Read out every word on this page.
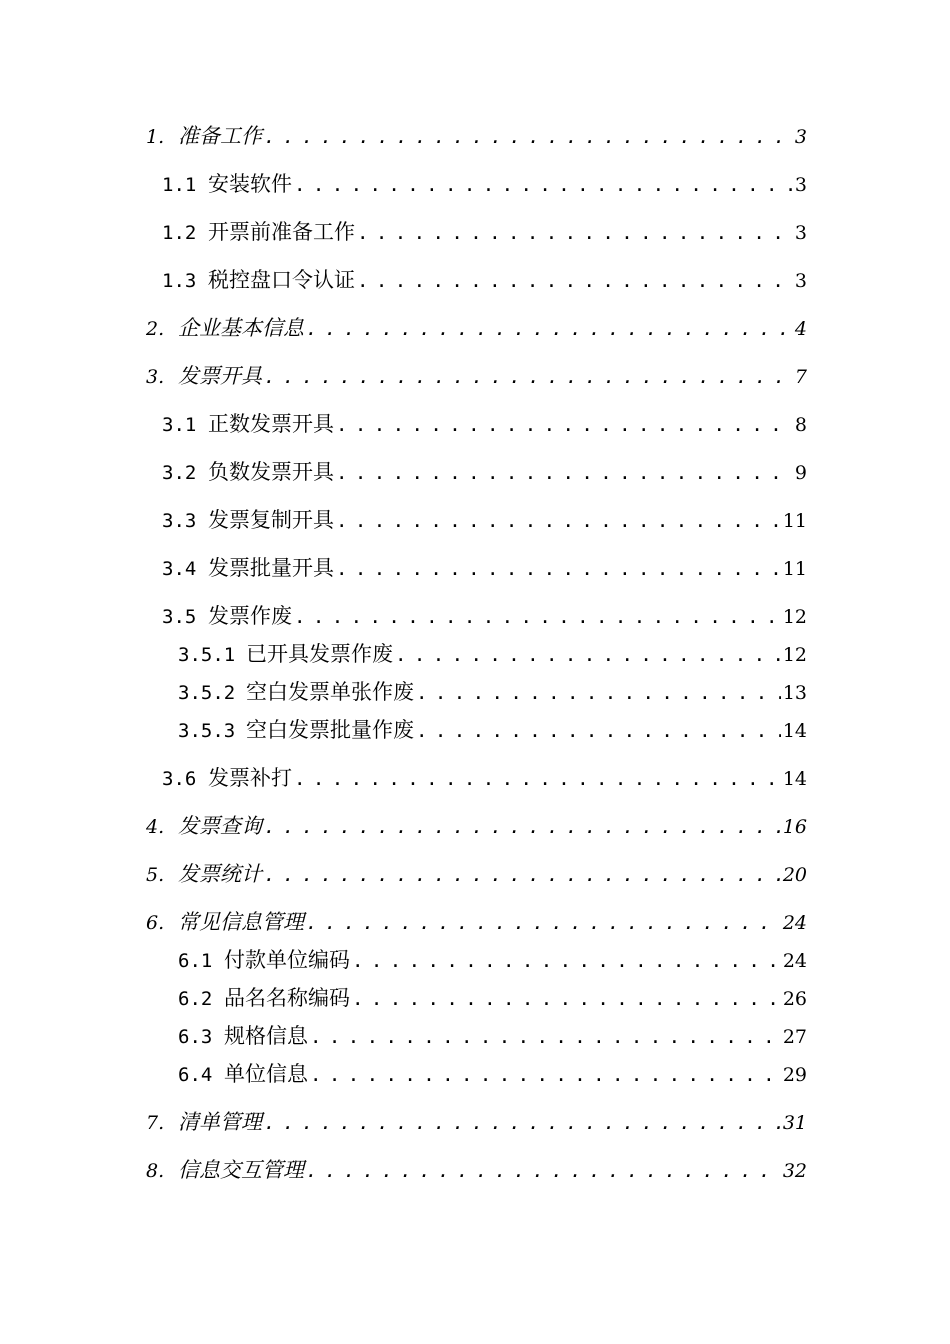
1. 准备工作 . . .	3
1.1 安装软件 . . .	3
1.2 开票前准备工作 . . .	3
1.3 税控盘口令认证 . . .	3
2. 企业基本信息 . . .	4
3. 发票开具 . . .	7
3.1 正数发票开具 . . .	8
3.2 负数发票开具 . . .	9
3.3 发票复制开具 . . .	11
3.4 发票批量开具 . . .	11
3.5 发票作废 . . .	12
3.5.1 已开具发票作废 . . .	12
3.5.2 空白发票单张作废 . . .	13
3.5.3 空白发票批量作废 . . .	14
3.6 发票补打 . . .	14
4. 发票查询 . . .	16
5. 发票统计 . . .	20
6. 常见信息管理 . . .	24
6.1 付款单位编码 . . .	24
6.2 品名名称编码 . . .	26
6.3 规格信息 . . .	27
6.4 单位信息 . . .	29
7. 清单管理 . . .	31
8. 信息交互管理 . . .	32
